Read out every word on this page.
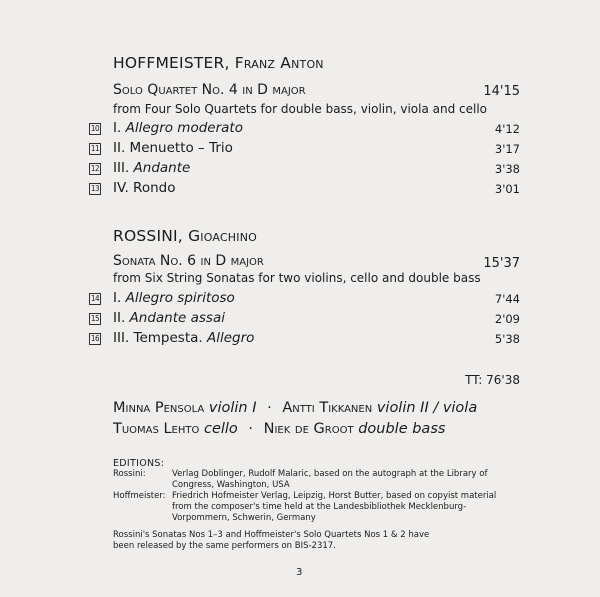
HOFFMEISTER, Franz Anton
Solo Quartet No. 4 in D major	14'15
from Four Solo Quartets for double bass, violin, viola and cello
10 I. Allegro moderato	4'12
11 II. Menuetto – Trio	3'17
12 III. Andante	3'38
13 IV. Rondo	3'01
ROSSINI, Gioachino
Sonata No. 6 in D major	15'37
from Six String Sonatas for two violins, cello and double bass
14 I. Allegro spiritoso	7'44
15 II. Andante assai	2'09
16 III. Tempesta. Allegro	5'38
TT: 76'38
Minna Pensola violin I · Antti Tikkanen violin II / viola
Tuomas Lehto cello · Niek de Groot double bass
EDITIONS:
Rossini:	Verlag Doblinger, Rudolf Malaric, based on the autograph at the Library of Congress, Washington, USA
Hoffmeister: Friedrich Hofmeister Verlag, Leipzig, Horst Butter, based on copyist material from the composer's time held at the Landesbibliothek Mecklenburg-Vorpommern, Schwerin, Germany
Rossini's Sonatas Nos 1–3 and Hoffmeister's Solo Quartets Nos 1 & 2 have been released by the same performers on BIS-2317.
3
